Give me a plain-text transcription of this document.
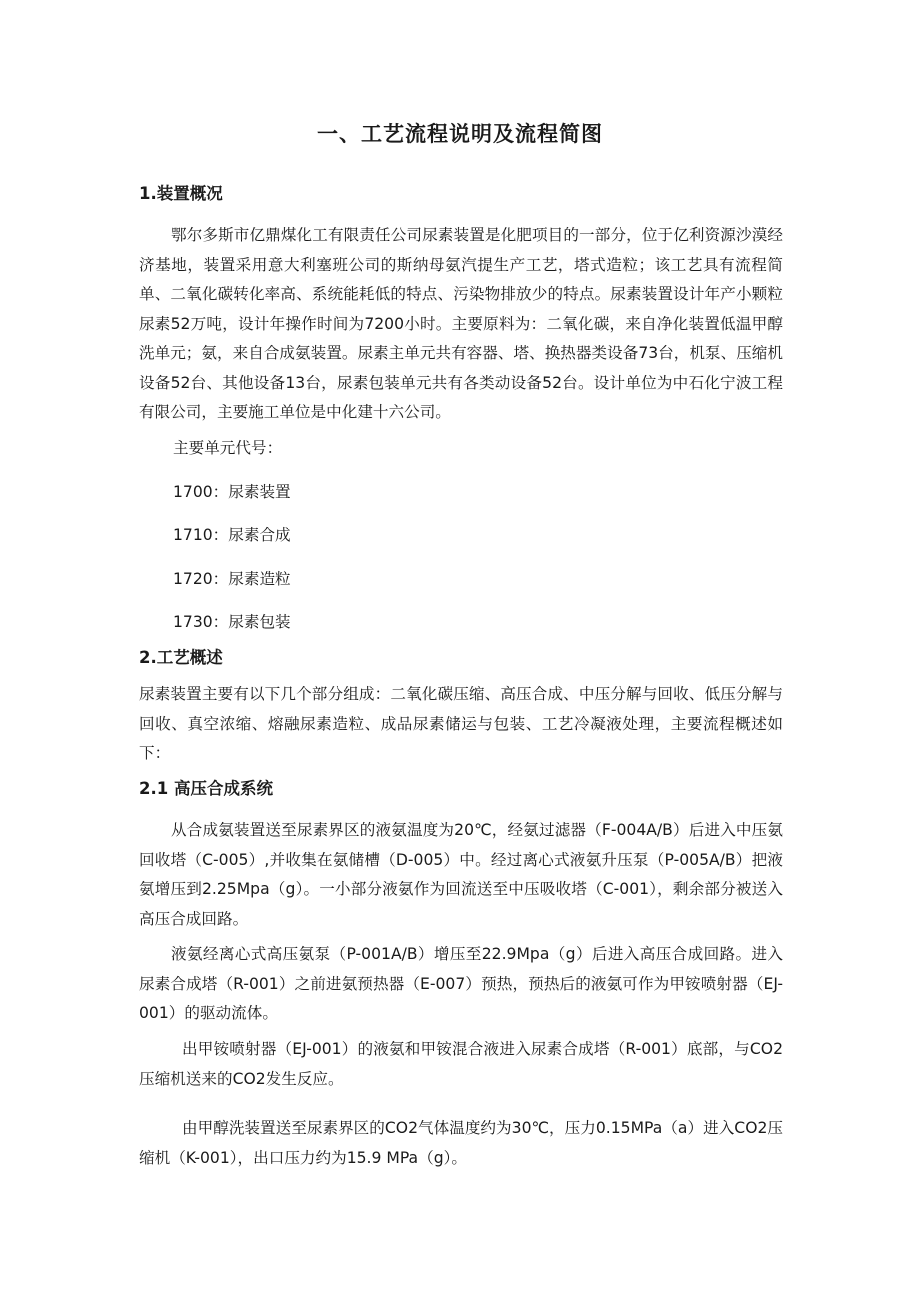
一、工艺流程说明及流程简图
1.装置概况

鄂尔多斯市亿鼎煤化工有限责任公司尿素装置是化肥项目的一部分，位于亿利资源沙漠经济基地，装置采用意大利塞班公司的斯纳母氨汽提生产工艺，塔式造粒；该工艺具有流程简单、二氧化碳转化率高、系统能耗低的特点、污染物排放少的特点。尿素装置设计年产小颗粒尿素52万吨，设计年操作时间为7200小时。主要原料为：二氧化碳，来自净化装置低温甲醇洗单元；氨，来自合成氨装置。尿素主单元共有容器、塔、换热器类设备73台，机泵、压缩机设备52台、其他设备13台，尿素包装单元共有各类动设备52台。设计单位为中石化宁波工程有限公司，主要施工单位是中化建十六公司。

主要单元代号：

1700：尿素装置

1710：尿素合成

1720：尿素造粒

1730：尿素包装

2.工艺概述

尿素装置主要有以下几个部分组成：二氧化碳压缩、高压合成、中压分解与回收、低压分解与回收、真空浓缩、熔融尿素造粒、成品尿素储运与包装、工艺冷凝液处理，主要流程概述如下：

2.1 高压合成系统

从合成氨装置送至尿素界区的液氨温度为20℃，经氨过滤器（F-004A/B）后进入中压氨回收塔（C-005）,并收集在氨储槽（D-005）中。经过离心式液氨升压泵（P-005A/B）把液氨增压到2.25Mpa（g）。一小部分液氨作为回流送至中压吸收塔（C-001），剩余部分被送入高压合成回路。

液氨经离心式高压氨泵（P-001A/B）增压至22.9Mpa（g）后进入高压合成回路。进入尿素合成塔（R-001）之前进氨预热器（E-007）预热，预热后的液氨可作为甲铵喷射器（EJ-001）的驱动流体。

出甲铵喷射器（EJ-001）的液氨和甲铵混合液进入尿素合成塔（R-001）底部，与CO2压缩机送来的CO2发生反应。

由甲醇洗装置送至尿素界区的CO2气体温度约为30℃，压力0.15MPa（a）进入CO2压缩机（K-001），出口压力约为15.9 MPa（g）。
